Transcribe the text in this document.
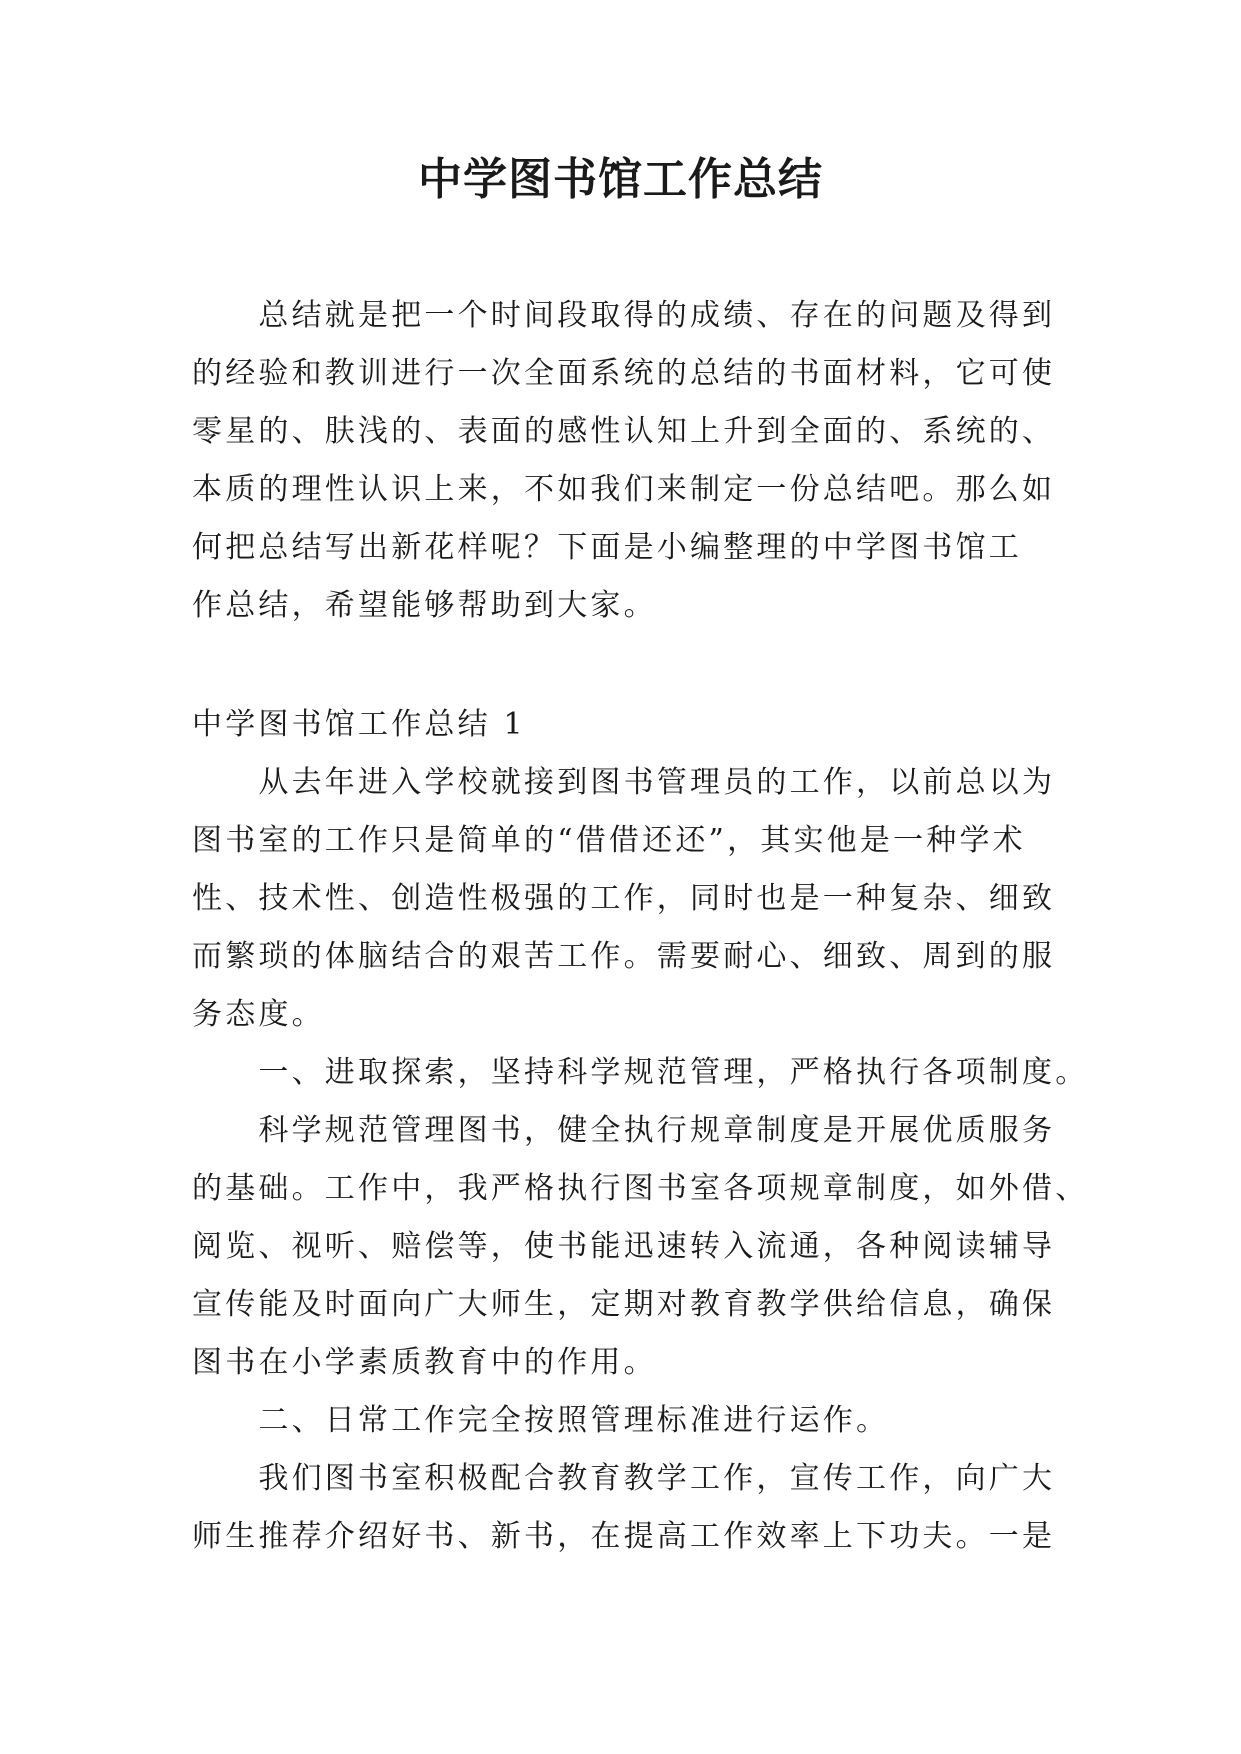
中学图书馆工作总结
　　总结就是把一个时间段取得的成绩、存在的问题及得到
的经验和教训进行一次全面系统的总结的书面材料，它可使
零星的、肤浅的、表面的感性认知上升到全面的、系统的、
本质的理性认识上来，不如我们来制定一份总结吧。那么如
何把总结写出新花样呢？下面是小编整理的中学图书馆工
作总结，希望能够帮助到大家。
中学图书馆工作总结 1
　　从去年进入学校就接到图书管理员的工作，以前总以为
图书室的工作只是简单的“借借还还”，其实他是一种学术
性、技术性、创造性极强的工作，同时也是一种复杂、细致
而繁琐的体脑结合的艰苦工作。需要耐心、细致、周到的服
务态度。
　　一、进取探索，坚持科学规范管理，严格执行各项制度。
　　科学规范管理图书，健全执行规章制度是开展优质服务
的基础。工作中，我严格执行图书室各项规章制度，如外借、
阅览、视听、赔偿等，使书能迅速转入流通，各种阅读辅导
宣传能及时面向广大师生，定期对教育教学供给信息，确保
图书在小学素质教育中的作用。
　　二、日常工作完全按照管理标准进行运作。
　　我们图书室积极配合教育教学工作，宣传工作，向广大
师生推荐介绍好书、新书，在提高工作效率上下功夫。一是
